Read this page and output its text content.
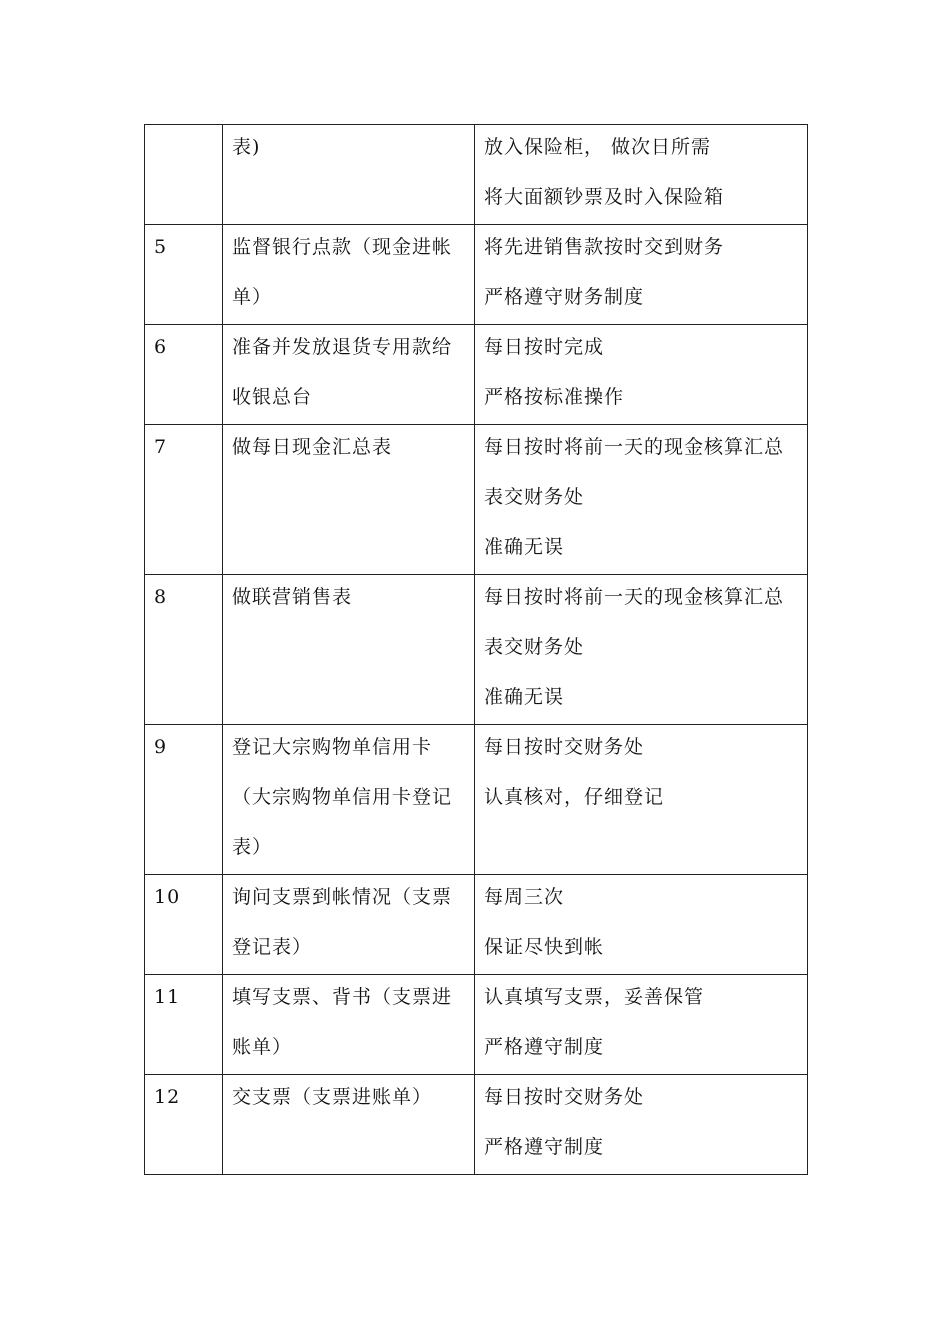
	表)	放入保险柜， 做次日所需
将大面额钞票及时入保险箱

5	监督银行点款（现金进帐单）	将先进销售款按时交到财务
严格遵守财务制度

6	准备并发放退货专用款给收银总台	每日按时完成
严格按标准操作

7	做每日现金汇总表	每日按时将前一天的现金核算汇总表交财务处
准确无误

8	做联营销售表	每日按时将前一天的现金核算汇总表交财务处
准确无误

9	登记大宗购物单信用卡（大宗购物单信用卡登记表）	每日按时交财务处
认真核对，仔细登记

10	询问支票到帐情况（支票登记表）	每周三次
保证尽快到帐

11	填写支票、背书（支票进账单）	认真填写支票，妥善保管
严格遵守制度

12	交支票（支票进账单）	每日按时交财务处
严格遵守制度
